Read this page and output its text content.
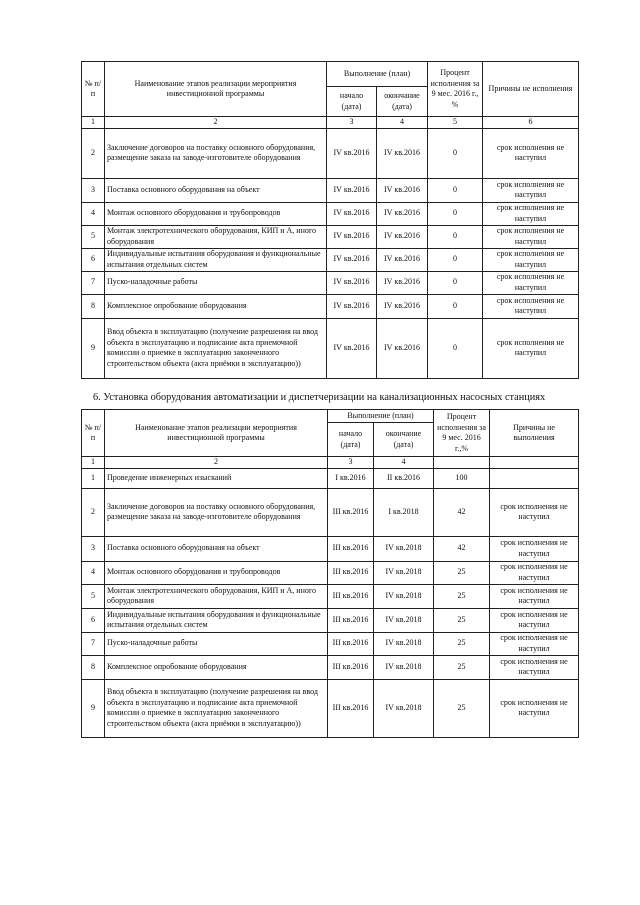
№ п/п	Наименование этапов реализации мероприятия инвестиционной программы	Выполнение (план)		Процент исполнения за 9 мес. 2016 г., %	Причины не исполнения
		начало (дата)	окончание (дата)		
1	2	3	4	5	6
2	Заключение договоров на поставку основного оборудования, размещение заказа на заводе-изготовителе оборудования	IV кв.2016	IV кв.2016	0	срок исполнения не наступил
3	Поставка основного оборудования на объект	IV кв.2016	IV кв.2016	0	срок исполнения не наступил
4	Монтаж основного оборудования и трубопроводов	IV кв.2016	IV кв.2016	0	срок исполнения не наступил
5	Монтаж электротехнического оборудования, КИП и А, иного оборудования	IV кв.2016	IV кв.2016	0	срок исполнения не наступил
6	Индивидуальные испытания оборудования и функциональные испытания отдельных систем	IV кв.2016	IV кв.2016	0	срок исполнения не наступил
7	Пуско-наладочные работы	IV кв.2016	IV кв.2016	0	срок исполнения не наступил
8	Комплексное опробование оборудования	IV кв.2016	IV кв.2016	0	срок исполнения не наступил
9	Ввод объекта в эксплуатацию (получение разрешения на ввод объекта в эксплуатацию и подписание акта приемочной комиссии о приемке в эксплуатацию законченного строительством объекта (акта приёмки в эксплуатацию))	IV кв.2016	IV кв.2016	0	срок исполнения не наступил
6. Установка оборудования автоматизации и диспетчеризации на канализационных насосных станциях
№ п/п	Наименование этапов реализации мероприятия инвестиционной программы	Выполнение (план)		Процент исполнения за 9 мес. 2016 г.,%	Причины не выполнения
		начало (дата)	окончание (дата)		
1	2	3	4		
1	Проведение инженерных изысканий	I кв.2016	II кв.2016	100	
2	Заключение договоров на поставку основного оборудования, размещение заказа на заводе-изготовителе оборудования	III кв.2016	I кв.2018	42	срок исполнения не наступил
3	Поставка основного оборудования на объект	III кв.2016	IV кв.2018	42	срок исполнения не наступил
4	Монтаж основного оборудования и трубопроводов	III кв.2016	IV кв.2018	25	срок исполнения не наступил
5	Монтаж электротехнического оборудования, КИП и А, иного оборудования	III кв.2016	IV кв.2018	25	срок исполнения не наступил
6	Индивидуальные испытания оборудования и функциональные испытания отдельных систем	III кв.2016	IV кв.2018	25	срок исполнения не наступил
7	Пуско-наладочные работы	III кв.2016	IV кв.2018	25	срок исполнения не наступил
8	Комплексное опробование оборудования	III кв.2016	IV кв.2018	25	срок исполнения не наступил
9	Ввод объекта в эксплуатацию (получение разрешения на ввод объекта в эксплуатацию и подписание акта приемочной комиссии о приемке в эксплуатацию законченного строительством объекта (акта приёмки в эксплуатацию))	III кв.2016	IV кв.2018	25	срок исполнения не наступил
